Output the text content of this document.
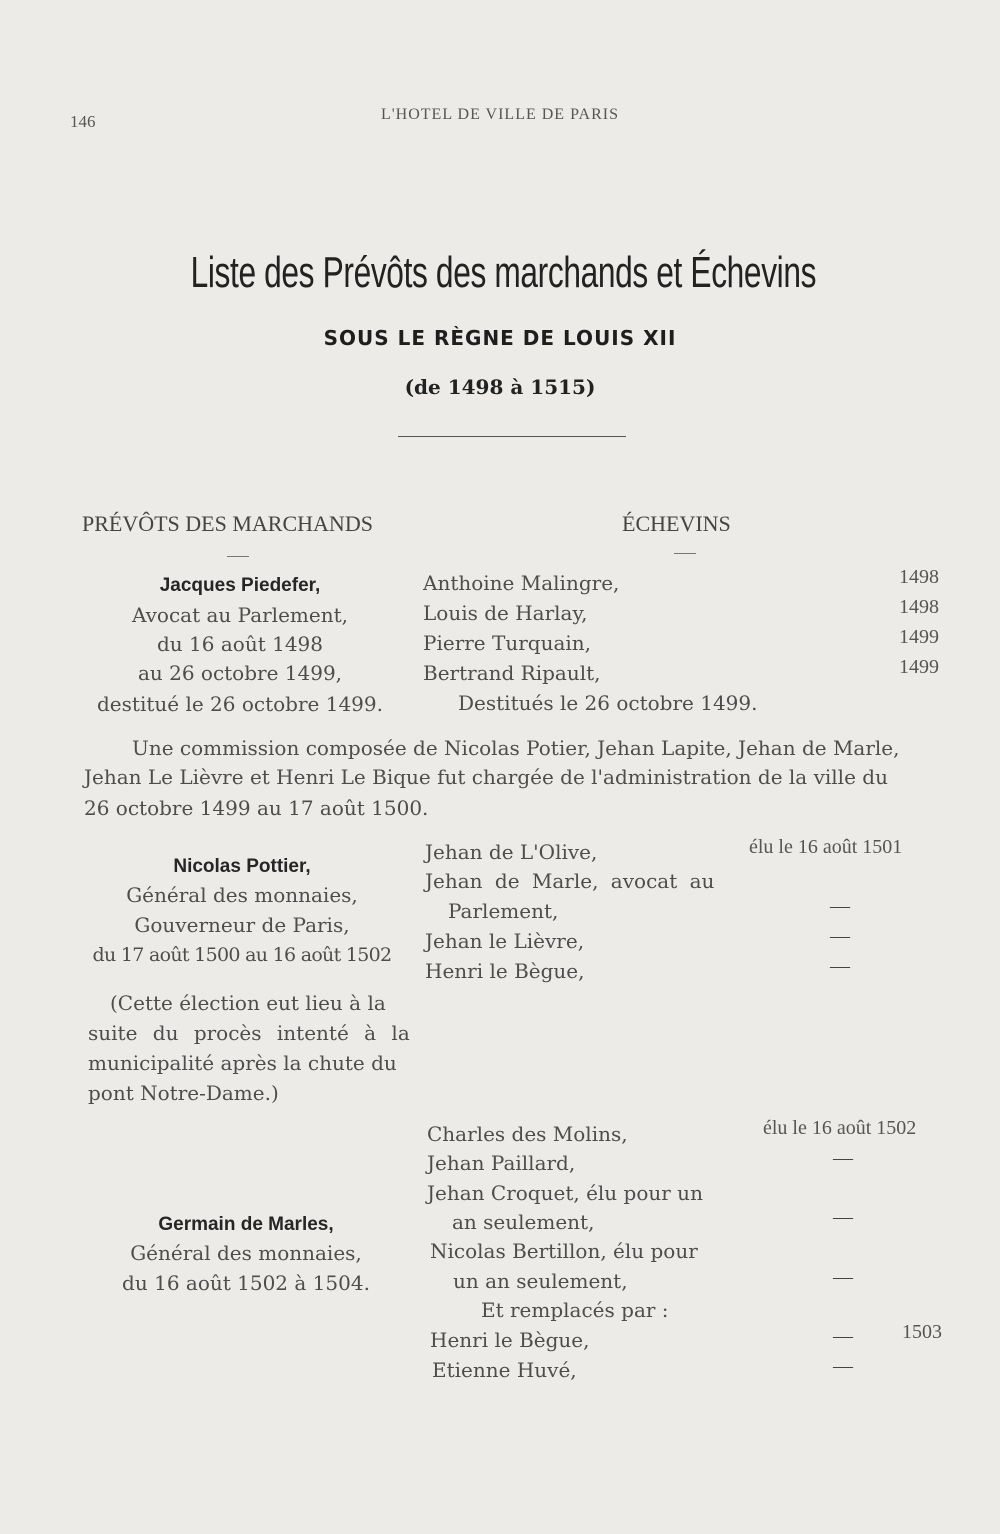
146	L'HOTEL DE VILLE DE PARIS
Liste des Prévôts des marchands et Échevins
SOUS LE RÈGNE DE LOUIS XII
(de 1498 à 1515)
PRÉVÔTS DES MARCHANDS	ÉCHEVINS
Jacques Piedefer,
Avocat au Parlement,
du 16 août 1498
au 26 octobre 1499,
destitué le 26 octobre 1499.
Anthoine Malingre,
Louis de Harlay,
Pierre Turquain,
Bertrand Ripault,
1498
1498
1499
1499
Destitués le 26 octobre 1499.
Une commission composée de Nicolas Potier, Jehan Lapite, Jehan de Marle,
Jehan Le Lièvre et Henri Le Bique fut chargée de l'administration de la ville du
26 octobre 1499 au 17 août 1500.
Nicolas Pottier,
Général des monnaies,
Gouverneur de Paris,
du 17 août 1500 au 16 août 1502
(Cette élection eut lieu à la
suite du procès intenté à la
municipalité après la chute du
pont Notre-Dame.)
Jehan de L'Olive,
Jehan de Marle, avocat au
Parlement,
Jehan le Lièvre,
Henri le Bègue,
élu le 16 août 1501
—
—
—
Germain de Marles,
Général des monnaies,
du 16 août 1502 à 1504.
Charles des Molins,
Jehan Paillard,
Jehan Croquet, élu pour un
an seulement,
Nicolas Bertillon, élu pour
un an seulement,
Et remplacés par :
Henri le Bègue,
Etienne Huvé,
élu le 16 août 1502
—
—
—
—
—
1503
